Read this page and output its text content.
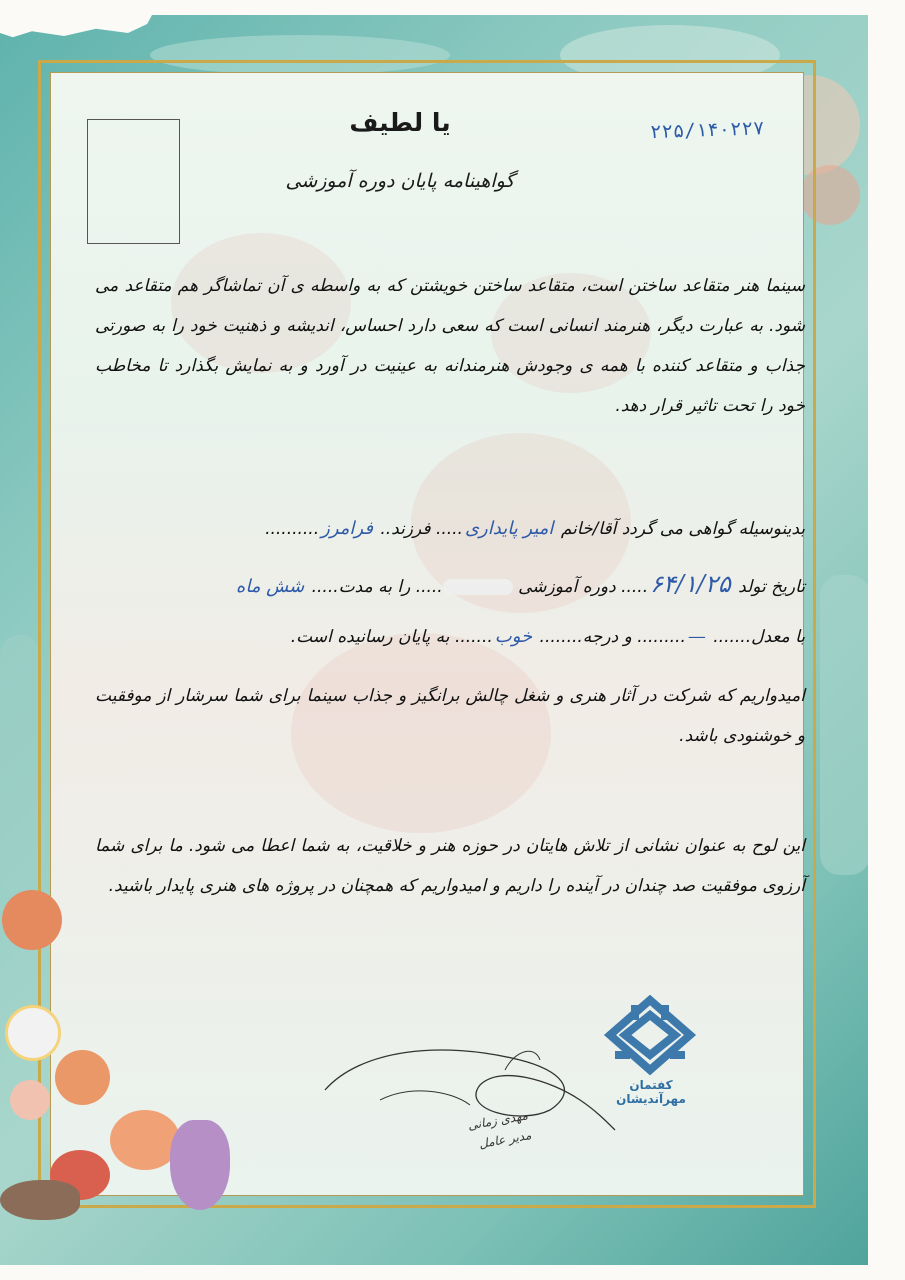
۲۲۵/۱۴۰۲۲۷
یا لطیف
گواهینامه پایان دوره آموزشی
سینما هنر متقاعد ساختن است، متقاعد ساختن خویشتن که به واسطه ی آن تماشاگر هم متقاعد می شود. به عبارت دیگر، هنرمند انسانی است که سعی دارد احساس، اندیشه و ذهنیت خود را به صورتی جذاب و متقاعد کننده با همه ی وجودش هنرمندانه به عینیت در آورد و به نمایش بگذارد تا مخاطب خود را تحت تاثیر قرار دهد.
بدینوسیله گواهی می گردد آقا/خانم امیر پایداری..... فرزند.. فرامرز..........
تاریخ تولد ۶۴/۱/۲۵..... دوره آموزشی ..... را به مدت..... شش ماه
با معدل....... —......... و درجه........ خوب....... به پایان رسانیده است.
امیدواریم که شرکت در آثار هنری و شغل چالش برانگیز و جذاب سینما برای شما سرشار از موفقیت و خوشنودی باشد.
این لوح به عنوان نشانی از تلاش هایتان در حوزه هنر و خلاقیت، به شما اعطا می شود. ما برای شما آرزوی موفقیت صد چندان در آینده را داریم و امیدواریم که همچنان در پروژه های هنری پایدار باشید.
مهدی زمانی
مدیر عامل
کفتمان
مهرآندیشان
